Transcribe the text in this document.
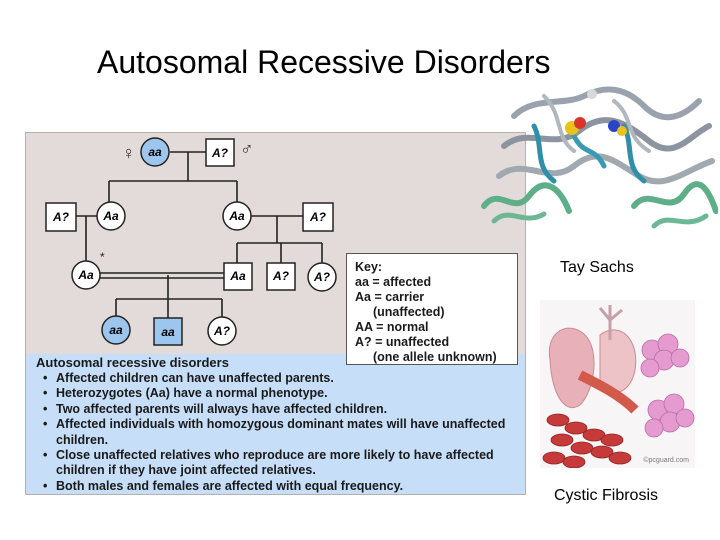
Autosomal Recessive Disorders
aa	A?
♀	♂
A?	Aa	Aa	A?
Aa
*
Aa A? A?
aa	aa	A?
Key:
aa = affected
Aa = carrier
(unaffected)
AA = normal
A? = unaffected
(one allele unknown)
Autosomal recessive disorders
• Affected children can have unaffected parents.
• Heterozygotes (Aa) have a normal phenotype.
• Two affected parents will always have affected children.
• Affected individuals with homozygous dominant mates will have unaffected children.
• Close unaffected relatives who reproduce are more likely to have affected children if they have joint affected relatives.
• Both males and females are affected with equal frequency.
Tay Sachs
©pcguard.com
Cystic Fibrosis
